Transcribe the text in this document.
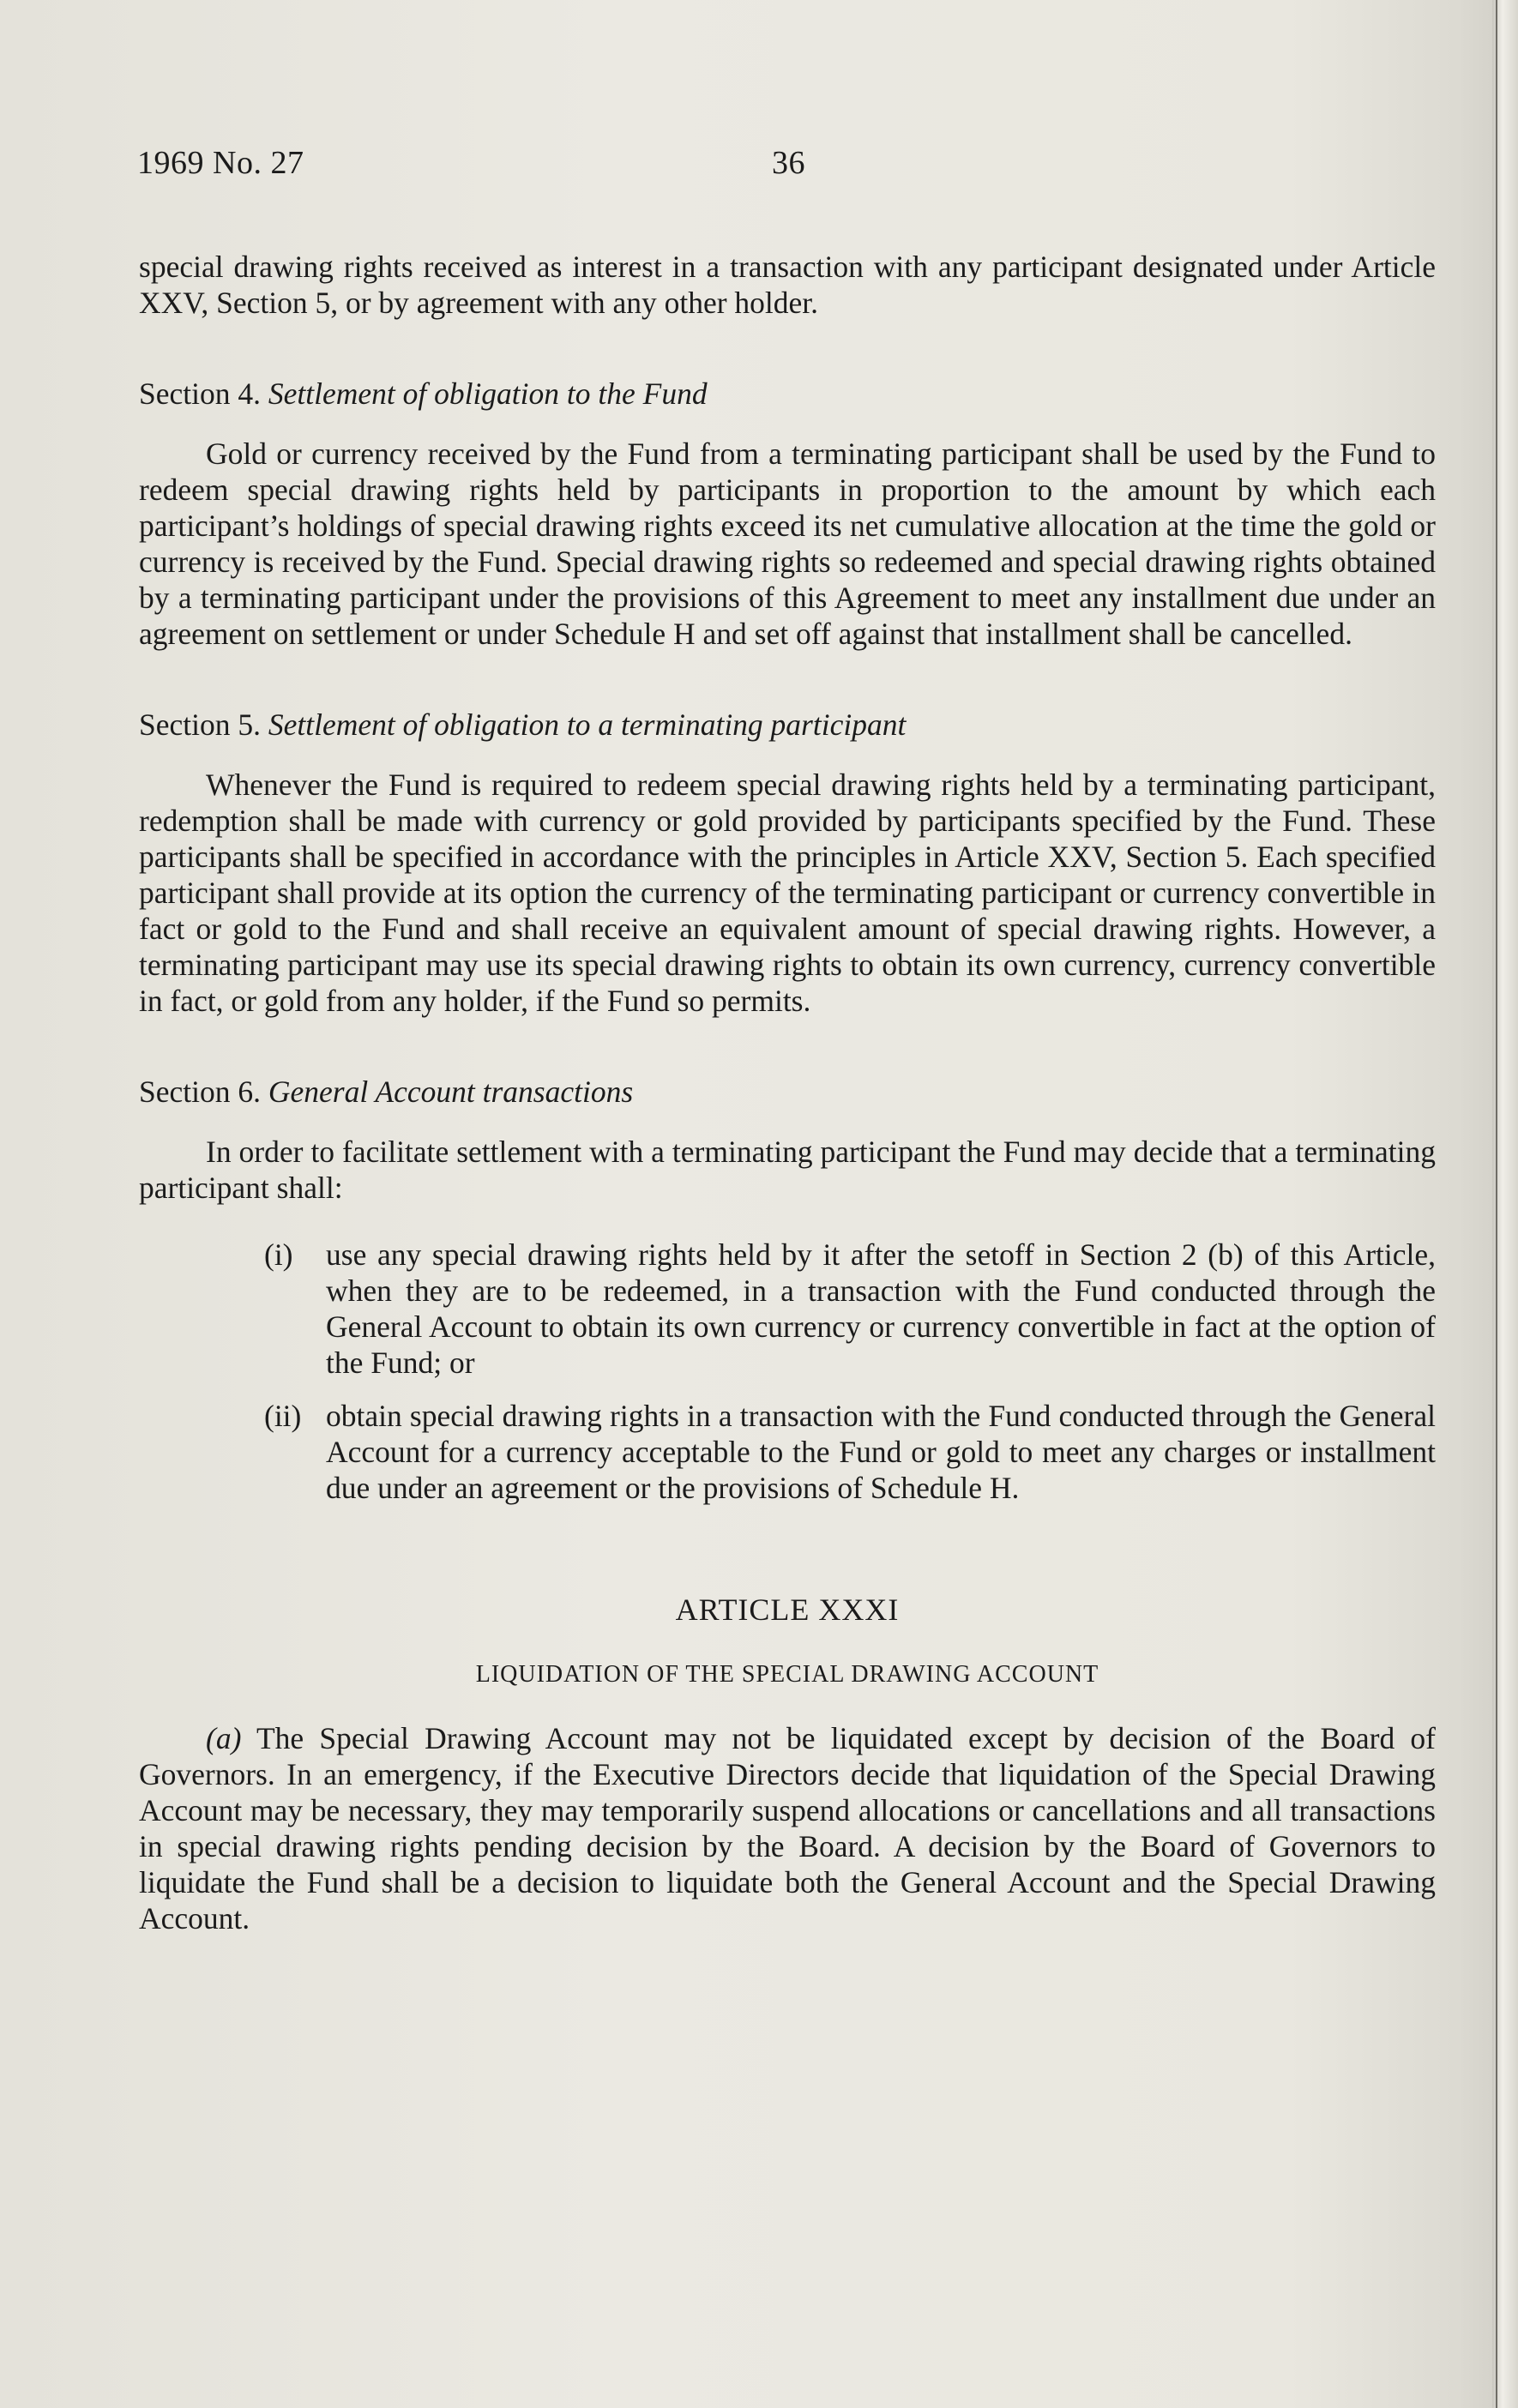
1969 No. 27	36

special drawing rights received as interest in a transaction with any participant designated under Article XXV, Section 5, or by agreement with any other holder.

Section 4. Settlement of obligation to the Fund

Gold or currency received by the Fund from a terminating participant shall be used by the Fund to redeem special drawing rights held by participants in proportion to the amount by which each participant’s holdings of special drawing rights exceed its net cumulative allocation at the time the gold or currency is received by the Fund. Special drawing rights so redeemed and special drawing rights obtained by a terminating participant under the provisions of this Agreement to meet any installment due under an agreement on settlement or under Schedule H and set off against that installment shall be cancelled.

Section 5. Settlement of obligation to a terminating participant

Whenever the Fund is required to redeem special drawing rights held by a terminating participant, redemption shall be made with currency or gold provided by participants specified by the Fund. These participants shall be specified in accordance with the principles in Article XXV, Section 5. Each specified participant shall provide at its option the currency of the terminating participant or currency convertible in fact or gold to the Fund and shall receive an equivalent amount of special drawing rights. However, a terminating participant may use its special drawing rights to obtain its own currency, currency convertible in fact, or gold from any holder, if the Fund so permits.

Section 6. General Account transactions

In order to facilitate settlement with a terminating participant the Fund may decide that a terminating participant shall:

(i) use any special drawing rights held by it after the setoff in Section 2 (b) of this Article, when they are to be redeemed, in a transaction with the Fund conducted through the General Account to obtain its own currency or currency convertible in fact at the option of the Fund; or

(ii) obtain special drawing rights in a transaction with the Fund conducted through the General Account for a currency acceptable to the Fund or gold to meet any charges or installment due under an agreement or the provisions of Schedule H.

ARTICLE XXXI
LIQUIDATION OF THE SPECIAL DRAWING ACCOUNT

(a) The Special Drawing Account may not be liquidated except by decision of the Board of Governors. In an emergency, if the Executive Directors decide that liquidation of the Special Drawing Account may be necessary, they may temporarily suspend allocations or cancellations and all transactions in special drawing rights pending decision by the Board. A decision by the Board of Governors to liquidate the Fund shall be a decision to liquidate both the General Account and the Special Drawing Account.
